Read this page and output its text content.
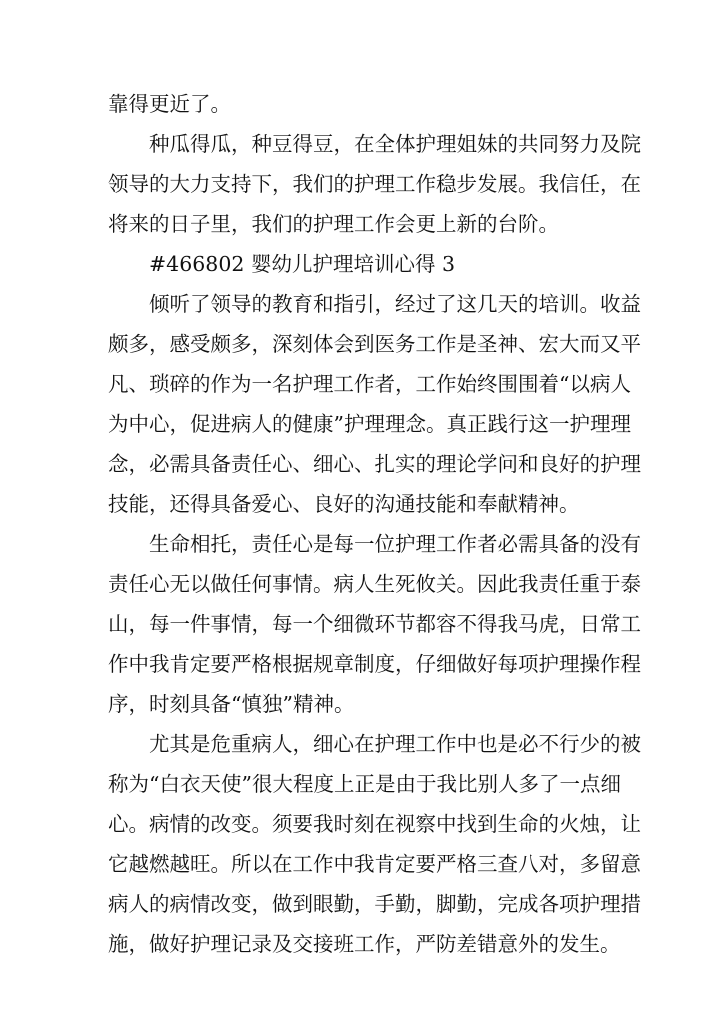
靠得更近了。
种瓜得瓜，种豆得豆，在全体护理姐妹的共同努力及院
领导的大力支持下，我们的护理工作稳步发展。我信任，在
将来的日子里，我们的护理工作会更上新的台阶。
#466802 婴幼儿护理培训心得 3
倾听了领导的教育和指引，经过了这几天的培训。收益
颇多，感受颇多，深刻体会到医务工作是圣神、宏大而又平
凡、琐碎的作为一名护理工作者，工作始终围围着“以病人
为中心，促进病人的健康”护理理念。真正践行这一护理理
念，必需具备责任心、细心、扎实的理论学问和良好的护理
技能，还得具备爱心、良好的沟通技能和奉献精神。
生命相托，责任心是每一位护理工作者必需具备的没有
责任心无以做任何事情。病人生死攸关。因此我责任重于泰
山，每一件事情，每一个细微环节都容不得我马虎，日常工
作中我肯定要严格根据规章制度，仔细做好每项护理操作程
序，时刻具备“慎独”精神。
尤其是危重病人，细心在护理工作中也是必不行少的被
称为“白衣天使”很大程度上正是由于我比别人多了一点细
心。病情的改变。须要我时刻在视察中找到生命的火烛，让
它越燃越旺。所以在工作中我肯定要严格三查八对，多留意
病人的病情改变，做到眼勤，手勤，脚勤，完成各项护理措
施，做好护理记录及交接班工作，严防差错意外的发生。
